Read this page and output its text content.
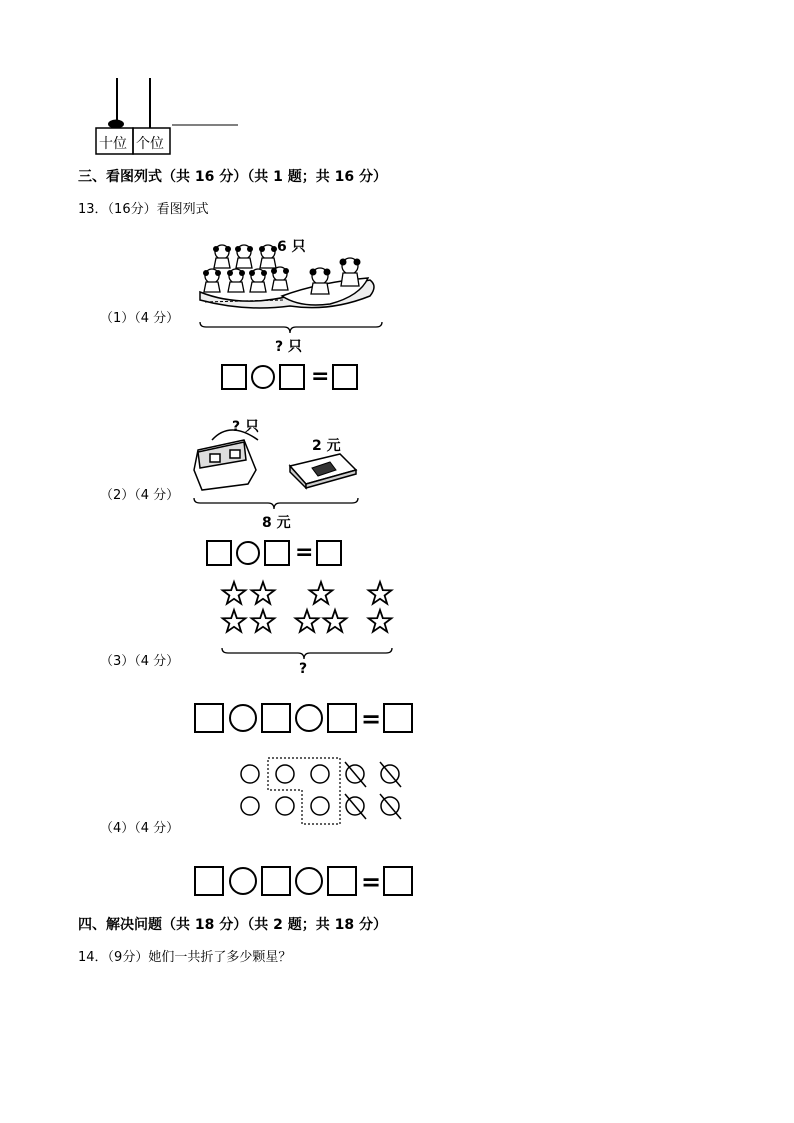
十位 个位
三、看图列式（共 16 分）（共 1 题；共 16 分）
13．（16分）看图列式
（1）（4 分）
6 只
? 只
=
（2）（4 分）
? 只
2 元
8 元
=
（3）（4 分）	?
=
（4）（4 分）
=
四、解决问题（共 18 分）（共 2 题；共 18 分）
14．（9分）她们一共折了多少颗星？
